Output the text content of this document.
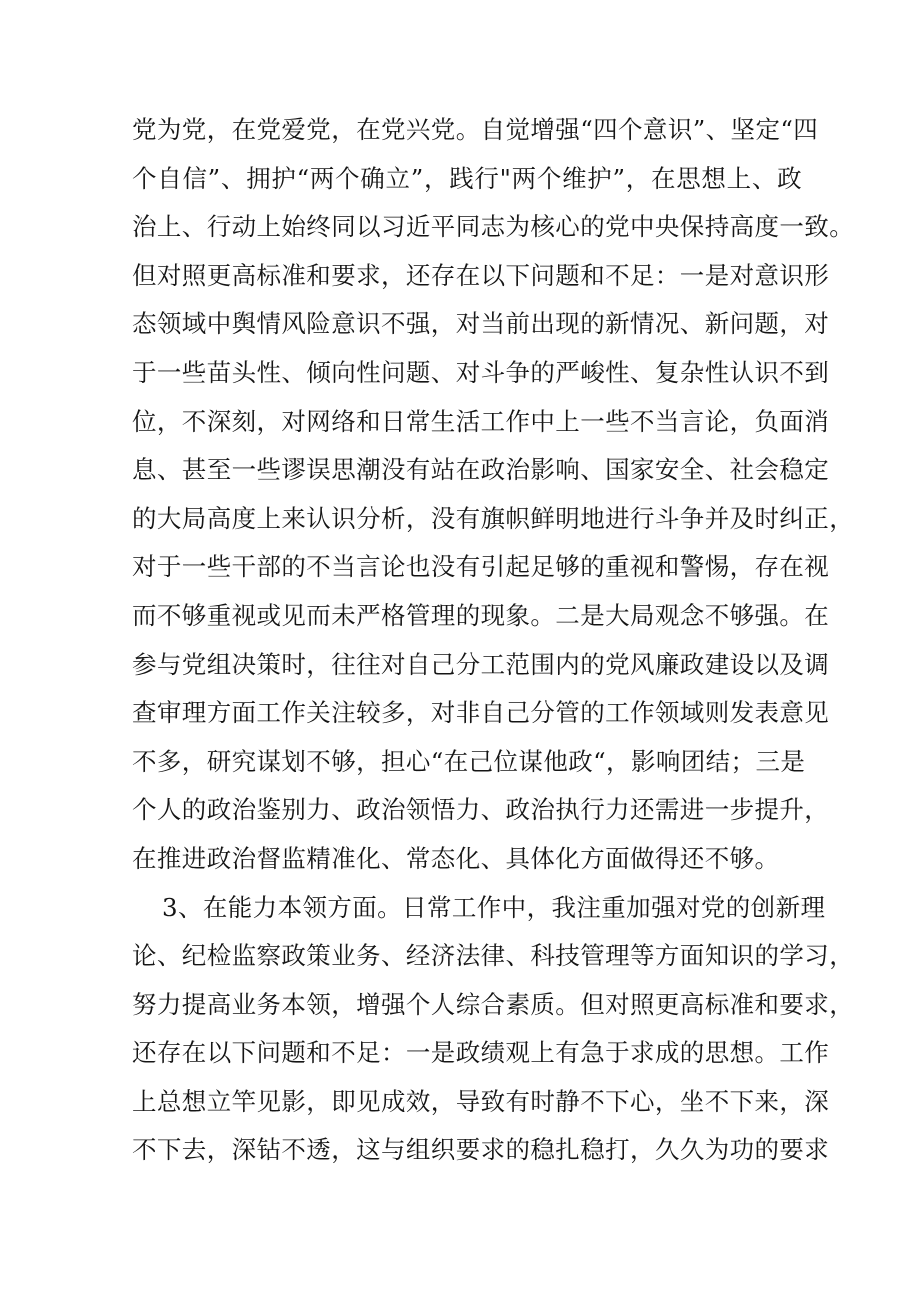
党为党，在党爱党，在党兴党。自觉增强“四个意识”、坚定“四
个自信”、拥护“两个确立”，践行"两个维护”，在思想上、政
治上、行动上始终同以习近平同志为核心的党中央保持高度一致。
但对照更高标准和要求，还存在以下问题和不足：一是对意识形
态领域中舆情风险意识不强，对当前出现的新情况、新问题，对
于一些苗头性、倾向性问题、对斗争的严峻性、复杂性认识不到
位，不深刻，对网络和日常生活工作中上一些不当言论，负面消
息、甚至一些谬误思潮没有站在政治影响、国家安全、社会稳定
的大局高度上来认识分析，没有旗帜鲜明地进行斗争并及时纠正，
对于一些干部的不当言论也没有引起足够的重视和警惕，存在视
而不够重视或见而未严格管理的现象。二是大局观念不够强。在
参与党组决策时，往往对自己分工范围内的党风廉政建设以及调
查审理方面工作关注较多，对非自己分管的工作领域则发表意见
不多，研究谋划不够，担心“在己位谋他政“，影响团结；三是
个人的政治鉴别力、政治领悟力、政治执行力还需进一步提升，
在推进政治督监精准化、常态化、具体化方面做得还不够。
3、在能力本领方面。日常工作中，我注重加强对党的创新理
论、纪检监察政策业务、经济法律、科技管理等方面知识的学习，
努力提高业务本领，增强个人综合素质。但对照更高标准和要求，
还存在以下问题和不足：一是政绩观上有急于求成的思想。工作
上总想立竿见影，即见成效，导致有时静不下心，坐不下来，深
不下去，深钻不透，这与组织要求的稳扎稳打，久久为功的要求
